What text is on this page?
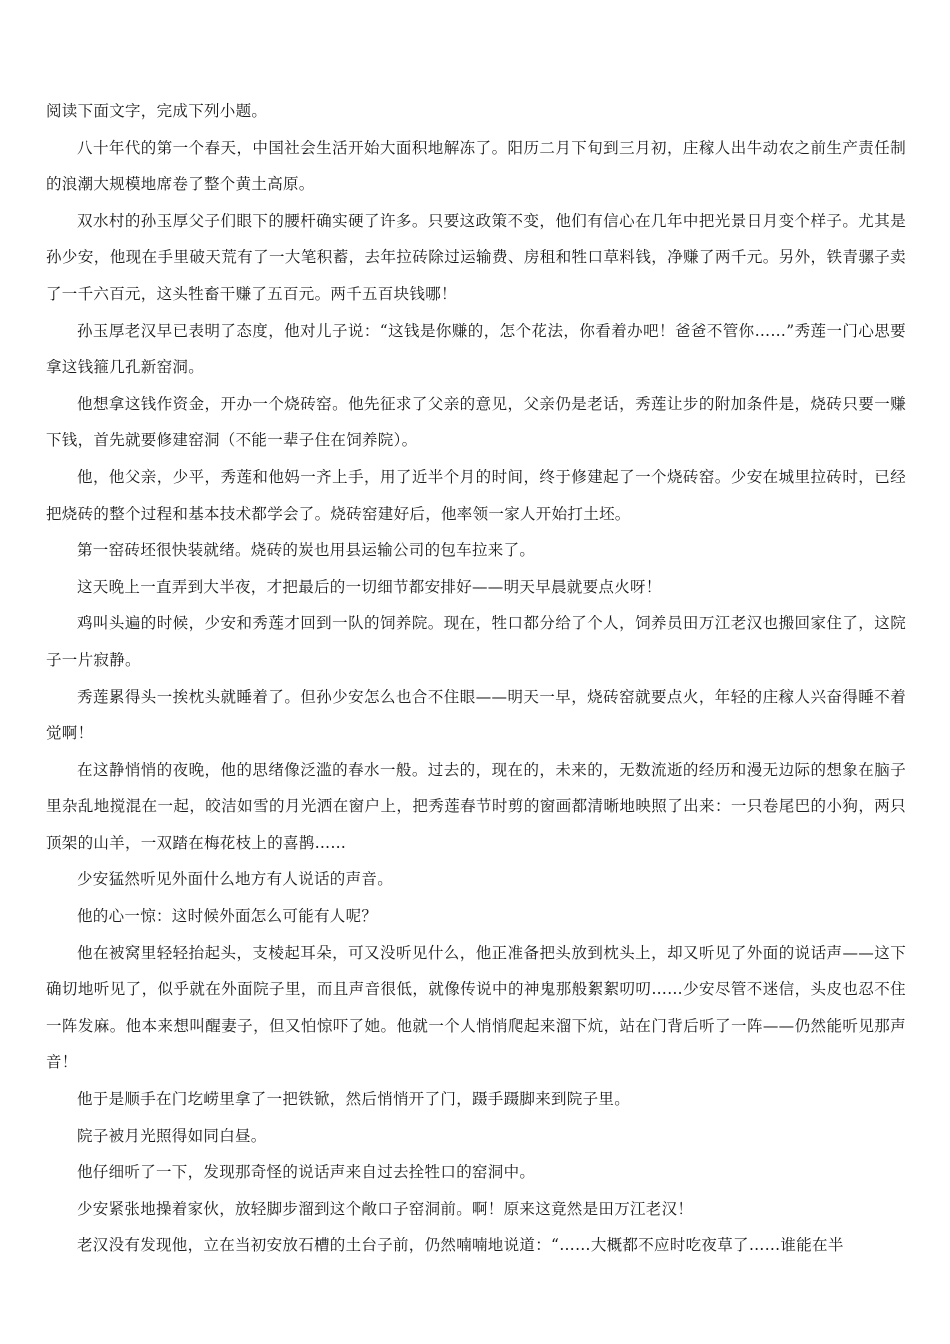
阅读下面文字，完成下列小题。

八十年代的第一个春天，中国社会生活开始大面积地解冻了。阳历二月下旬到三月初，庄稼人出牛动农之前生产责任制的浪潮大规模地席卷了整个黄土高原。

双水村的孙玉厚父子们眼下的腰杆确实硬了许多。只要这政策不变，他们有信心在几年中把光景日月变个样子。尤其是孙少安，他现在手里破天荒有了一大笔积蓄，去年拉砖除过运输费、房租和牲口草料钱，净赚了两千元。另外，铁青骡子卖了一千六百元，这头牲畜干赚了五百元。两千五百块钱哪！

孙玉厚老汉早已表明了态度，他对儿子说：“这钱是你赚的，怎个花法，你看着办吧！爸爸不管你……”秀莲一门心思要拿这钱箍几孔新窑洞。

他想拿这钱作资金，开办一个烧砖窑。他先征求了父亲的意见，父亲仍是老话，秀莲让步的附加条件是，烧砖只要一赚下钱，首先就要修建窑洞（不能一辈子住在饲养院）。

他，他父亲，少平，秀莲和他妈一齐上手，用了近半个月的时间，终于修建起了一个烧砖窑。少安在城里拉砖时，已经把烧砖的整个过程和基本技术都学会了。烧砖窑建好后，他率领一家人开始打土坯。

第一窑砖坯很快装就绪。烧砖的炭也用县运输公司的包车拉来了。

这天晚上一直弄到大半夜，才把最后的一切细节都安排好——明天早晨就要点火呀！

鸡叫头遍的时候，少安和秀莲才回到一队的饲养院。现在，牲口都分给了个人，饲养员田万江老汉也搬回家住了，这院子一片寂静。

秀莲累得头一挨枕头就睡着了。但孙少安怎么也合不住眼——明天一早，烧砖窑就要点火，年轻的庄稼人兴奋得睡不着觉啊！

在这静悄悄的夜晚，他的思绪像泛滥的春水一般。过去的，现在的，未来的，无数流逝的经历和漫无边际的想象在脑子里杂乱地搅混在一起，皎洁如雪的月光洒在窗户上，把秀莲春节时剪的窗画都清晰地映照了出来：一只卷尾巴的小狗，两只顶架的山羊，一双踏在梅花枝上的喜鹊……

少安猛然听见外面什么地方有人说话的声音。

他的心一惊：这时候外面怎么可能有人呢？

他在被窝里轻轻抬起头，支棱起耳朵，可又没听见什么，他正准备把头放到枕头上，却又听见了外面的说话声——这下确切地听见了，似乎就在外面院子里，而且声音很低，就像传说中的神鬼那般絮絮叨叨……少安尽管不迷信，头皮也忍不住一阵发麻。他本来想叫醒妻子，但又怕惊吓了她。他就一个人悄悄爬起来溜下炕，站在门背后听了一阵——仍然能听见那声音！

他于是顺手在门圪崂里拿了一把铁锨，然后悄悄开了门，蹑手蹑脚来到院子里。

院子被月光照得如同白昼。

他仔细听了一下，发现那奇怪的说话声来自过去拴牲口的窑洞中。

少安紧张地操着家伙，放轻脚步溜到这个敞口子窑洞前。啊！原来这竟然是田万江老汉！

老汉没有发现他，立在当初安放石槽的土台子前，仍然喃喃地说道：“……大概都不应时吃夜草了……谁能在半
